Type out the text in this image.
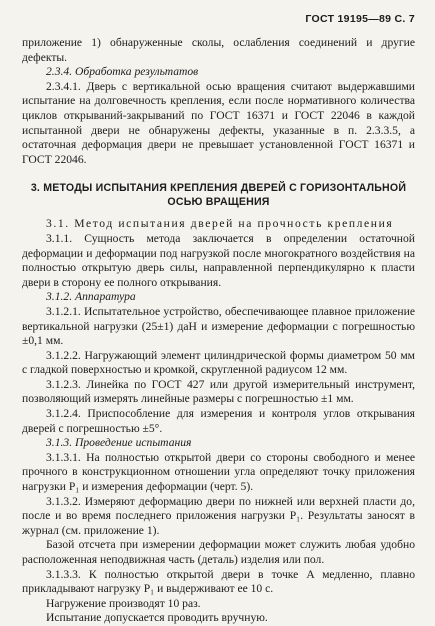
ГОСТ 19195—89 С. 7

приложение 1) обнаруженные сколы, ослабления соединений и другие дефекты.

2.3.4. Обработка результатов

2.3.4.1. Дверь с вертикальной осью вращения считают выдержавшими испытание на долговечность крепления, если после нормативного количества циклов открываний-закрываний по ГОСТ 16371 и ГОСТ 22046 в каждой испытанной двери не обнаружены дефекты, указанные в п. 2.3.3.5, а остаточная деформация двери не превышает установленной ГОСТ 16371 и ГОСТ 22046.

3. МЕТОДЫ ИСПЫТАНИЯ КРЕПЛЕНИЯ ДВЕРЕЙ С ГОРИЗОНТАЛЬНОЙ ОСЬЮ ВРАЩЕНИЯ

3.1. Метод испытания дверей на прочность крепления

3.1.1. Сущность метода заключается в определении остаточной деформации и деформации под нагрузкой после многократного воздействия на полностью открытую дверь силы, направленной перпендикулярно к пласти двери в сторону ее полного открывания.

3.1.2. Аппаратура

3.1.2.1. Испытательное устройство, обеспечивающее плавное приложение вертикальной нагрузки (25±1) даН и измерение деформации с погрешностью ±0,1 мм.

3.1.2.2. Нагружающий элемент цилиндрической формы диаметром 50 мм с гладкой поверхностью и кромкой, скругленной радиусом 12 мм.

3.1.2.3. Линейка по ГОСТ 427 или другой измерительный инструмент, позволяющий измерять линейные размеры с погрешностью ±1 мм.

3.1.2.4. Приспособление для измерения и контроля углов открывания дверей с погрешностью ±5°.

3.1.3. Проведение испытания

3.1.3.1. На полностью открытой двери со стороны свободного и менее прочного в конструкционном отношении угла определяют точку приложения нагрузки P₁ и измерения деформации (черт. 5).

3.1.3.2. Измеряют деформацию двери по нижней или верхней пласти до, после и во время последнего приложения нагрузки P₁. Результаты заносят в журнал (см. приложение 1).

Базой отсчета при измерении деформации может служить любая удобно расположенная неподвижная часть (деталь) изделия или пол.

3.1.3.3. К полностью открытой двери в точке A медленно, плавно прикладывают нагрузку P₁ и выдерживают ее 10 с.

Нагружение производят 10 раз.

Испытание допускается проводить вручную.
